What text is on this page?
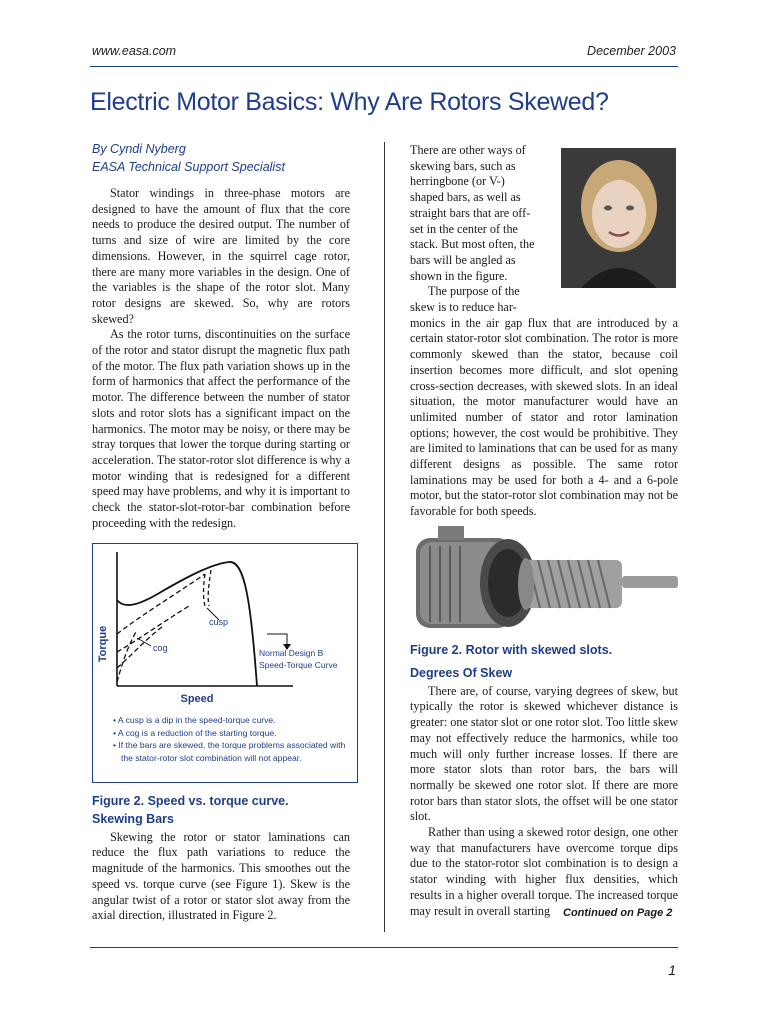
www.easa.com	December 2003
Electric Motor Basics: Why Are Rotors Skewed?
By Cyndi Nyberg
EASA Technical Support Specialist

Stator windings in three-phase motors are designed to have the amount of flux that the core needs to produce the desired output. The number of turns and size of wire are limited by the core dimensions. However, in the squirrel cage rotor, there are many more variables in the design. One of the variables is the shape of the rotor slot. Many rotor designs are skewed. So, why are rotors skewed?

As the rotor turns, discontinuities on the surface of the rotor and stator disrupt the magnetic flux path of the motor. The flux path variation shows up in the form of harmonics that affect the performance of the motor. The difference between the number of stator slots and rotor slots has a significant impact on the harmonics. The motor may be noisy, or there may be stray torques that lower the torque during starting or acceleration. The stator-rotor slot difference is why a motor winding that is redesigned for a different speed may have problems, and why it is important to check the stator-slot-rotor-bar combination before proceeding with the redesign.

Torque
Speed
cusp
cog	Normal Design B
Speed-Torque Curve
• A cusp is a dip in the speed-torque curve.
• A cog is a reduction of the starting torque.
• If the bars are skewed, the torque problems associated with the stator-rotor slot combination will not appear.
Figure 2. Speed vs. torque curve.
Skewing Bars

Skewing the rotor or stator laminations can reduce the flux path variations to reduce the magnitude of the harmonics. This smoothes out the speed vs. torque curve (see Figure 1). Skew is the angular twist of a rotor or stator slot away from the axial direction, illustrated in Figure 2.

There are other ways of

skewing bars, such as

herringbone (or V-)

shaped bars, as well as

straight bars that are off-

set in the center of the

stack. But most often, the

bars will be angled as

shown in the figure.

The purpose of the

skew is to reduce har-

monics in the air gap flux that are introduced by a certain stator-rotor slot combination. The rotor is more commonly skewed than the stator, because coil insertion becomes more difficult, and slot opening cross-section decreases, with skewed slots. In an ideal situation, the motor manufacturer would have an unlimited number of stator and rotor lamination options; however, the cost would be prohibitive. They are limited to laminations that can be used for as many different designs as possible. The same rotor laminations may be used for both a 4- and a 6-pole motor, but the stator-rotor slot combination may not be favorable for both speeds.

Figure 2. Rotor with skewed slots.
Degrees Of Skew

There are, of course, varying degrees of skew, but typically the rotor is skewed whichever distance is greater: one stator slot or one rotor slot. Too little skew may not effectively reduce the harmonics, while too much will only further increase losses. If there are more stator slots than rotor bars, the bars will normally be skewed one rotor slot. If there are more rotor bars than stator slots, the offset will be one stator slot.

Rather than using a skewed rotor design, one other way that manufacturers have overcome torque dips due to the stator-rotor slot combination is to design a stator winding with higher flux densities, which results in a higher overall torque. The increased torque may result in overall starting	Continued on Page 2
1
